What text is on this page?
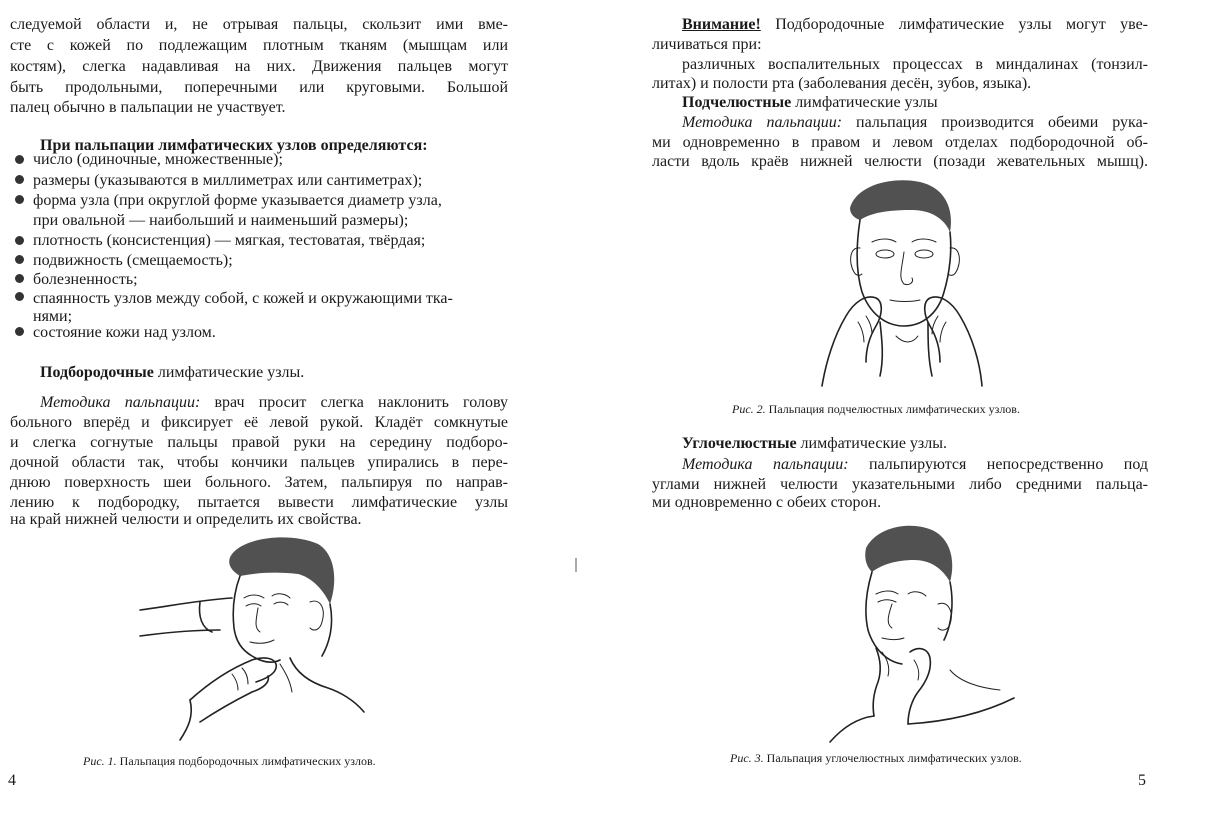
следуемой области и, не отрывая пальцы, скользит ими вме-
сте с кожей по подлежащим плотным тканям (мышцам или
костям), слегка надавливая на них. Движения пальцев могут
быть продольными, поперечными или круговыми. Большой
палец обычно в пальпации не участвует.
При пальпации лимфатических узлов определяются:
число (одиночные, множественные);
размеры (указываются в миллиметрах или сантиметрах);
форма узла (при округлой форме указывается диаметр узла,
при овальной — наибольший и наименьший размеры);
плотность (консистенция) — мягкая, тестоватая, твёрдая;
подвижность (смещаемость);
болезненность;
спаянность узлов между собой, с кожей и окружающими тка-
нями;
состояние кожи над узлом.
Подбородочные лимфатические узлы.
Методика пальпации: врач просит слегка наклонить голову
больного вперёд и фиксирует её левой рукой. Кладёт сомкнутые
и слегка согнутые пальцы правой руки на середину подборо-
дочной области так, чтобы кончики пальцев упирались в пере-
днюю поверхность шеи больного. Затем, пальпируя по направ-
лению к подбородку, пытается вывести лимфатические узлы
на край нижней челюсти и определить их свойства.
Рис. 1. Пальпация подбородочных лимфатических узлов.
4
Внимание! Подбородочные лимфатические узлы могут уве-
личиваться при:
различных воспалительных процессах в миндалинах (тонзил-
литах) и полости рта (заболевания десён, зубов, языка).
Подчелюстные лимфатические узлы
Методика пальпации: пальпация производится обеими рука-
ми одновременно в правом и левом отделах подбородочной об-
ласти вдоль краёв нижней челюсти (позади жевательных мышц).
Рис. 2. Пальпация подчелюстных лимфатических узлов.
Углочелюстные лимфатические узлы.
Методика пальпации: пальпируются непосредственно под
углами нижней челюсти указательными либо средними пальца-
ми одновременно с обеих сторон.
Рис. 3. Пальпация углочелюстных лимфатических узлов.
5
